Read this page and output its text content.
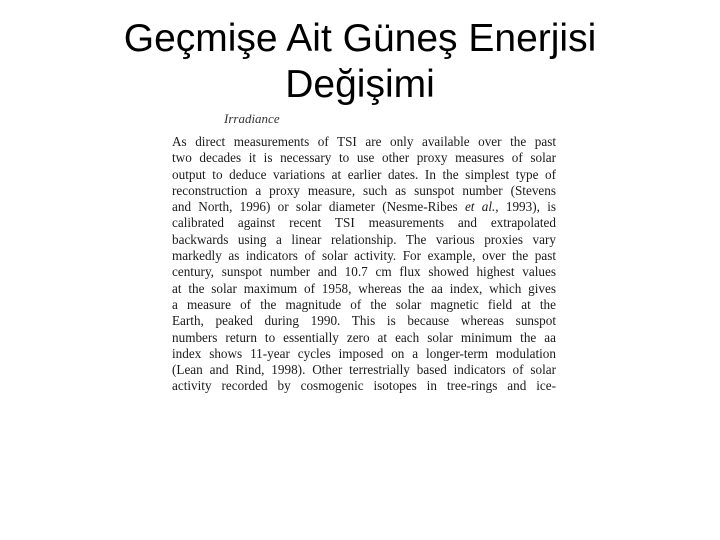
Geçmişe Ait Güneş Enerjisi
Değişimi
Irradiance
As direct measurements of TSI are only available over the past
two decades it is necessary to use other proxy measures of solar
output to deduce variations at earlier dates. In the simplest type of
reconstruction a proxy measure, such as sunspot number (Stevens
and North, 1996) or solar diameter (Nesme-Ribes et al., 1993), is
calibrated against recent TSI measurements and extrapolated
backwards using a linear relationship. The various proxies vary
markedly as indicators of solar activity. For example, over the past
century, sunspot number and 10.7 cm flux showed highest values
at the solar maximum of 1958, whereas the aa index, which gives
a measure of the magnitude of the solar magnetic field at the
Earth, peaked during 1990. This is because whereas sunspot
numbers return to essentially zero at each solar minimum the aa
index shows 11-year cycles imposed on a longer-term modulation
(Lean and Rind, 1998). Other terrestrially based indicators of solar
activity recorded by cosmogenic isotopes in tree-rings and ice-
